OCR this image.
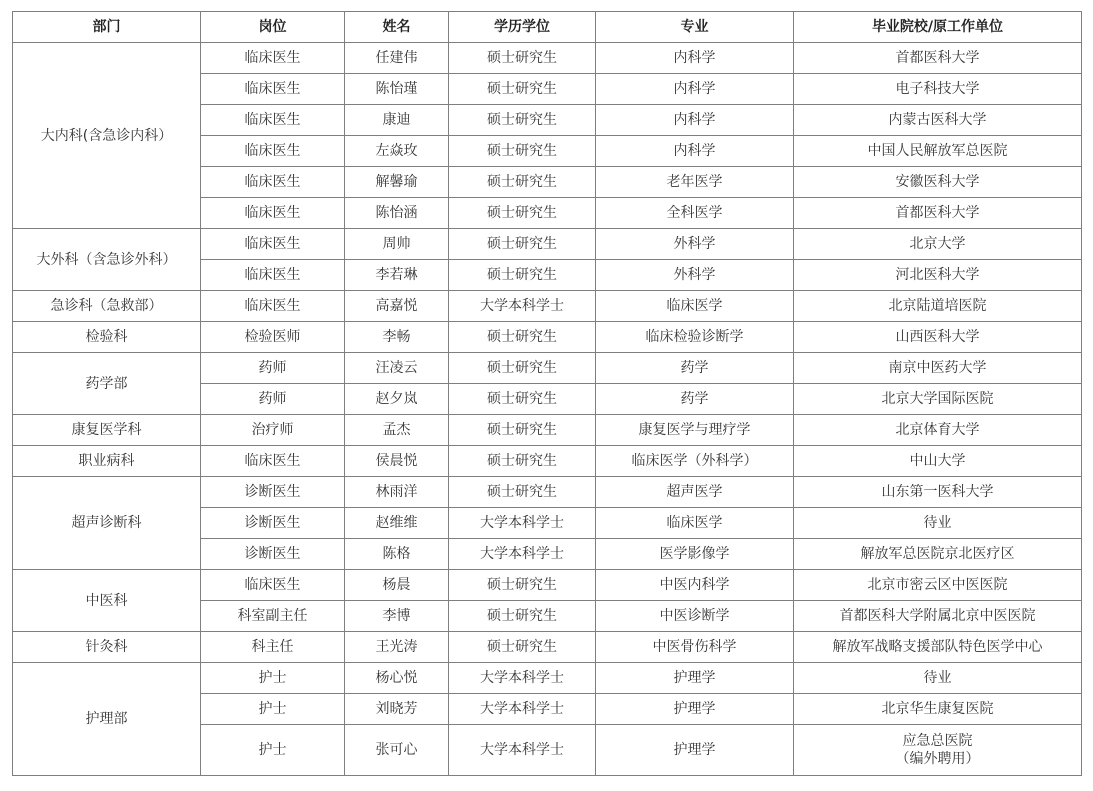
部门	岗位	姓名	学历学位	专业	毕业院校/原工作单位
大内科(含急诊内科）	临床医生	任建伟	硕士研究生	内科学	首都医科大学
	临床医生	陈怡瑾	硕士研究生	内科学	电子科技大学
	临床医生	康迪	硕士研究生	内科学	内蒙古医科大学
	临床医生	左焱玫	硕士研究生	内科学	中国人民解放军总医院
	临床医生	解馨瑜	硕士研究生	老年医学	安徽医科大学
	临床医生	陈怡涵	硕士研究生	全科医学	首都医科大学
大外科（含急诊外科）	临床医生	周帅	硕士研究生	外科学	北京大学
	临床医生	李若琳	硕士研究生	外科学	河北医科大学
急诊科（急救部）	临床医生	高嘉悦	大学本科学士	临床医学	北京陆道培医院
检验科	检验医师	李畅	硕士研究生	临床检验诊断学	山西医科大学
药学部	药师	汪凌云	硕士研究生	药学	南京中医药大学
	药师	赵夕岚	硕士研究生	药学	北京大学国际医院
康复医学科	治疗师	孟杰	硕士研究生	康复医学与理疗学	北京体育大学
职业病科	临床医生	侯晨悦	硕士研究生	临床医学（外科学）	中山大学
超声诊断科	诊断医生	林雨洋	硕士研究生	超声医学	山东第一医科大学
	诊断医生	赵维维	大学本科学士	临床医学	待业
	诊断医生	陈格	大学本科学士	医学影像学	解放军总医院京北医疗区
中医科	临床医生	杨晨	硕士研究生	中医内科学	北京市密云区中医医院
	科室副主任	李博	硕士研究生	中医诊断学	首都医科大学附属北京中医医院
针灸科	科主任	王光涛	硕士研究生	中医骨伤科学	解放军战略支援部队特色医学中心
护理部	护士	杨心悦	大学本科学士	护理学	待业
	护士	刘晓芳	大学本科学士	护理学	北京华生康复医院
	护士	张可心	大学本科学士	护理学	应急总医院
（编外聘用）
